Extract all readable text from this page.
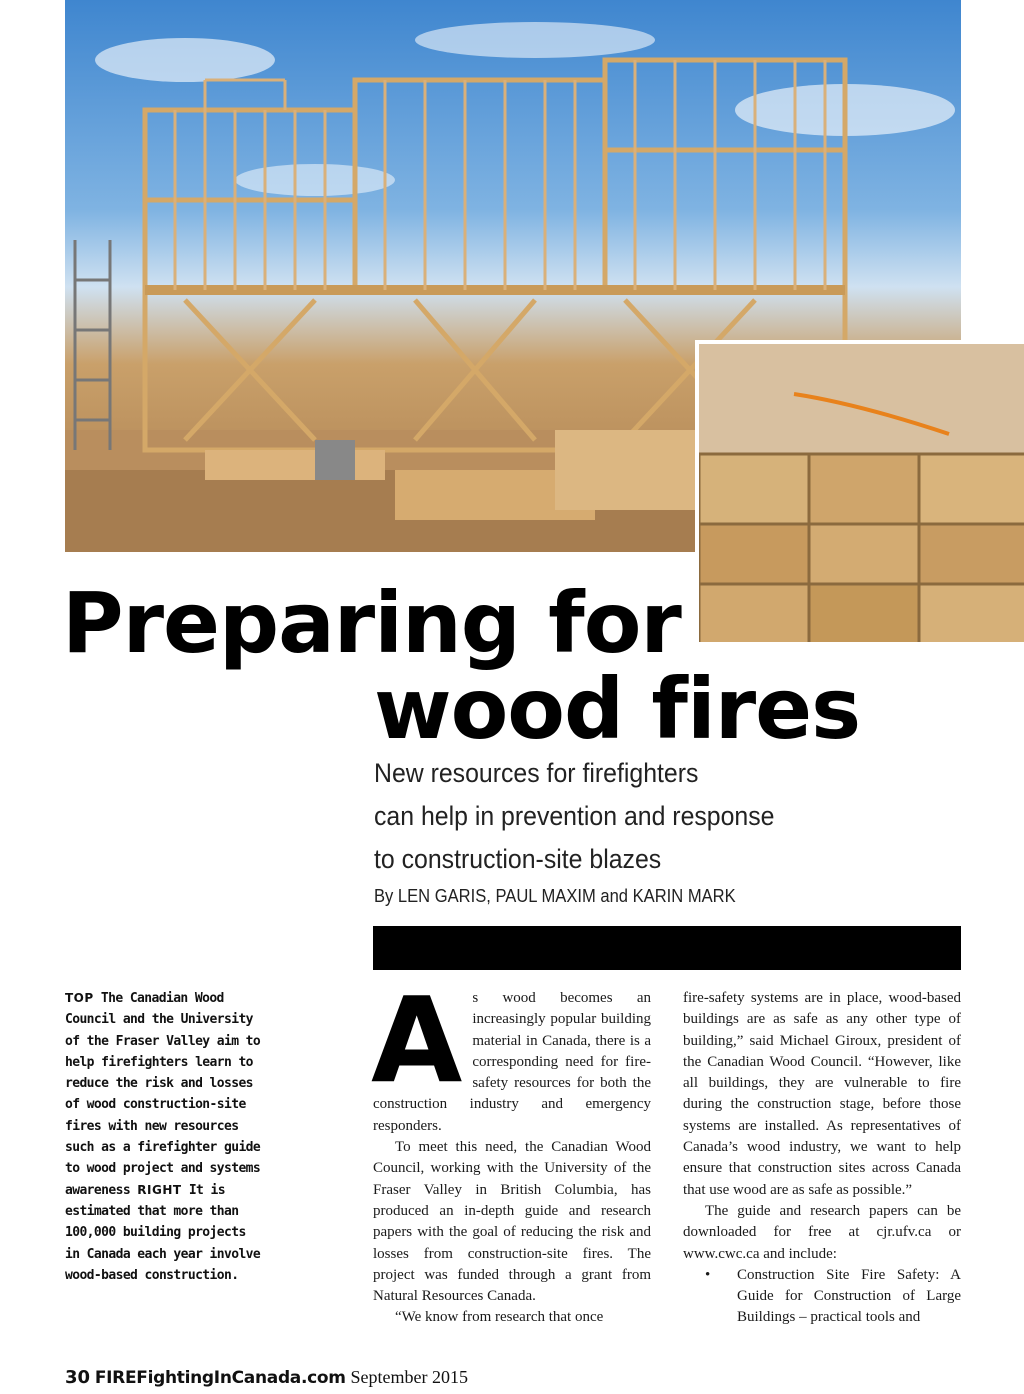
Preparing for
wood fires
New resources for firefighters
can help in prevention and response
to construction-site blazes
By LEN GARIS, PAUL MAXIM and KARIN MARK

TOP The Canadian Wood Council and the University of the Fraser Valley aim to help firefighters learn to reduce the risk and losses of wood construction-site fires with new resources such as a firefighter guide to wood project and systems awareness RIGHT It is estimated that more than 100,000 building projects in Canada each year involve wood-based construction.

A s wood becomes an increasingly popular building material in Canada, there is a corresponding need for fire-safety resources for both the construction industry and emergency responders.

To meet this need, the Canadian Wood Council, working with the University of the Fraser Valley in British Columbia, has produced an in-depth guide and research papers with the goal of reducing the risk and losses from construction-site fires. The project was funded through a grant from Natural Resources Canada.

“We know from research that once

fire-safety systems are in place, wood-based buildings are as safe as any other type of building,” said Michael Giroux, president of the Canadian Wood Council. “However, like all buildings, they are vulnerable to fire during the construction stage, before those systems are installed. As representatives of Canada’s wood industry, we want to help ensure that construction sites across Canada that use wood are as safe as possible.”

The guide and research papers can be downloaded for free at cjr.ufv.ca or www.cwc.ca and include:

• Construction Site Fire Safety: A Guide for Construction of Large Buildings – practical tools and
30 FIREFightingInCanada.com September 2015
